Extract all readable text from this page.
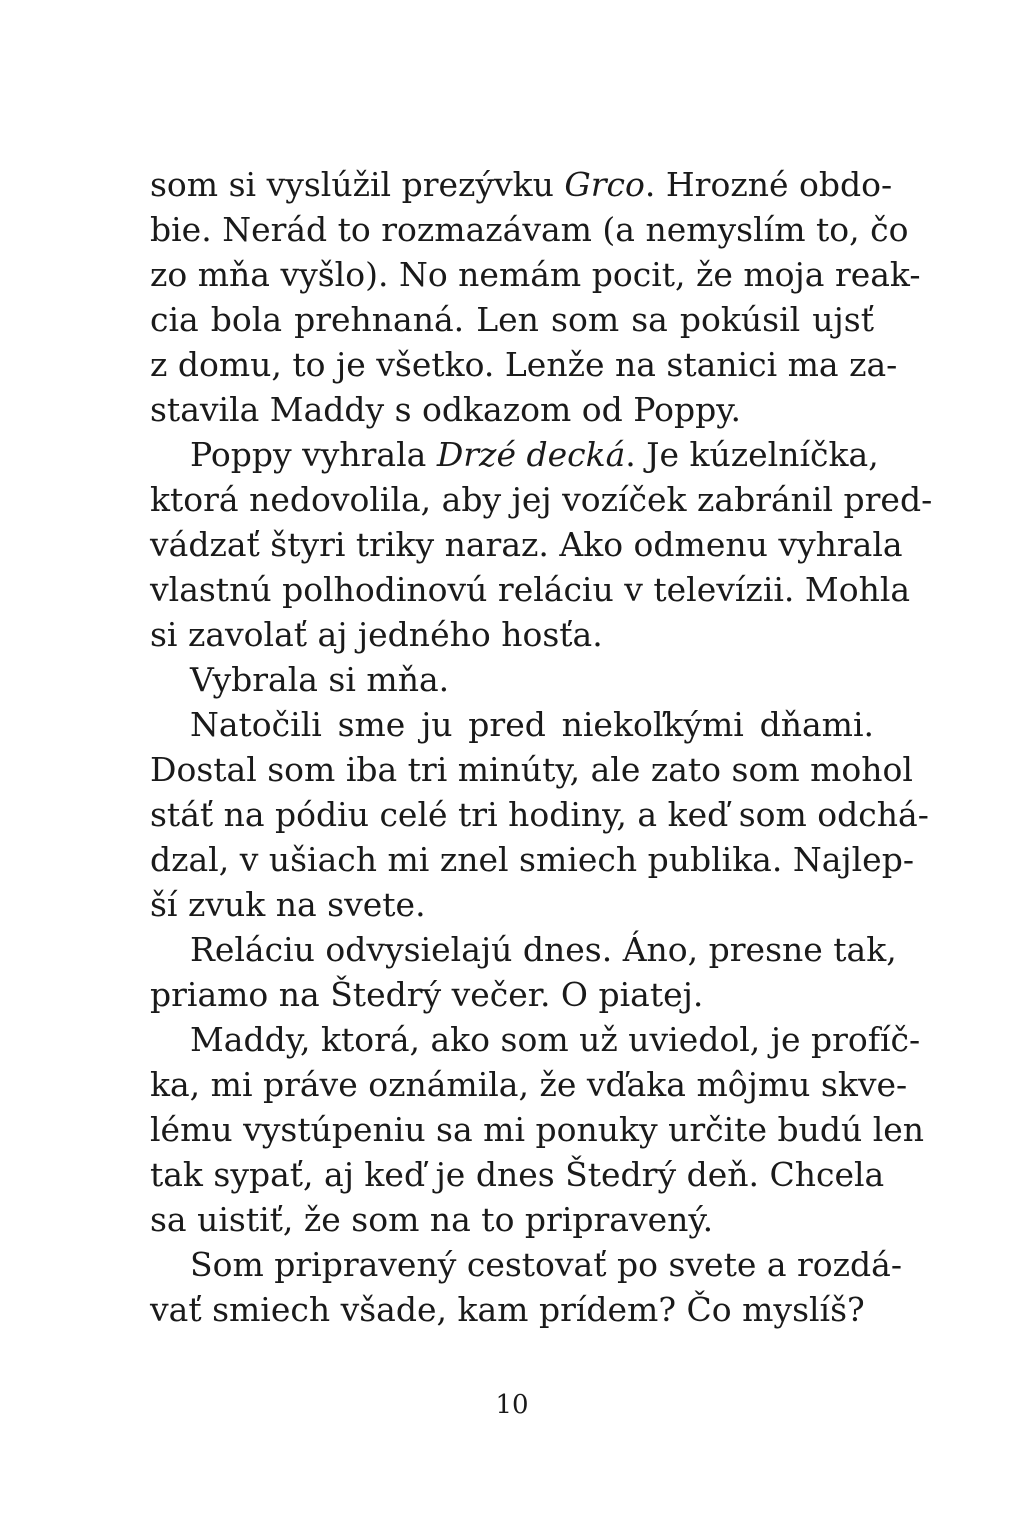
som si vyslúžil prezývku Grco. Hrozné obdo-
bie. Nerád to rozmazávam (a nemyslím to, čo
zo mňa vyšlo). No nemám pocit, že moja reak-
cia bola prehnaná. Len som sa pokúsil ujsť
z domu, to je všetko. Lenže na stanici ma za-
stavila Maddy s odkazom od Poppy.
Poppy vyhrala Drzé decká. Je kúzelníčka,
ktorá nedovolila, aby jej vozíček zabránil pred-
vádzať štyri triky naraz. Ako odmenu vyhrala
vlastnú polhodinovú reláciu v televízii. Mohla
si zavolať aj jedného hosťa.
Vybrala si mňa.
Natočili sme ju pred niekoľkými dňami.
Dostal som iba tri minúty, ale zato som mohol
stáť na pódiu celé tri hodiny, a keď som odchá-
dzal, v ušiach mi znel smiech publika. Najlep-
ší zvuk na svete.
Reláciu odvysielajú dnes. Áno, presne tak,
priamo na Štedrý večer. O piatej.
Maddy, ktorá, ako som už uviedol, je profíč-
ka, mi práve oznámila, že vďaka môjmu skve-
lému vystúpeniu sa mi ponuky určite budú len
tak sypať, aj keď je dnes Štedrý deň. Chcela
sa uistiť, že som na to pripravený.
Som pripravený cestovať po svete a rozdá-
vať smiech všade, kam prídem? Čo myslíš?
10
